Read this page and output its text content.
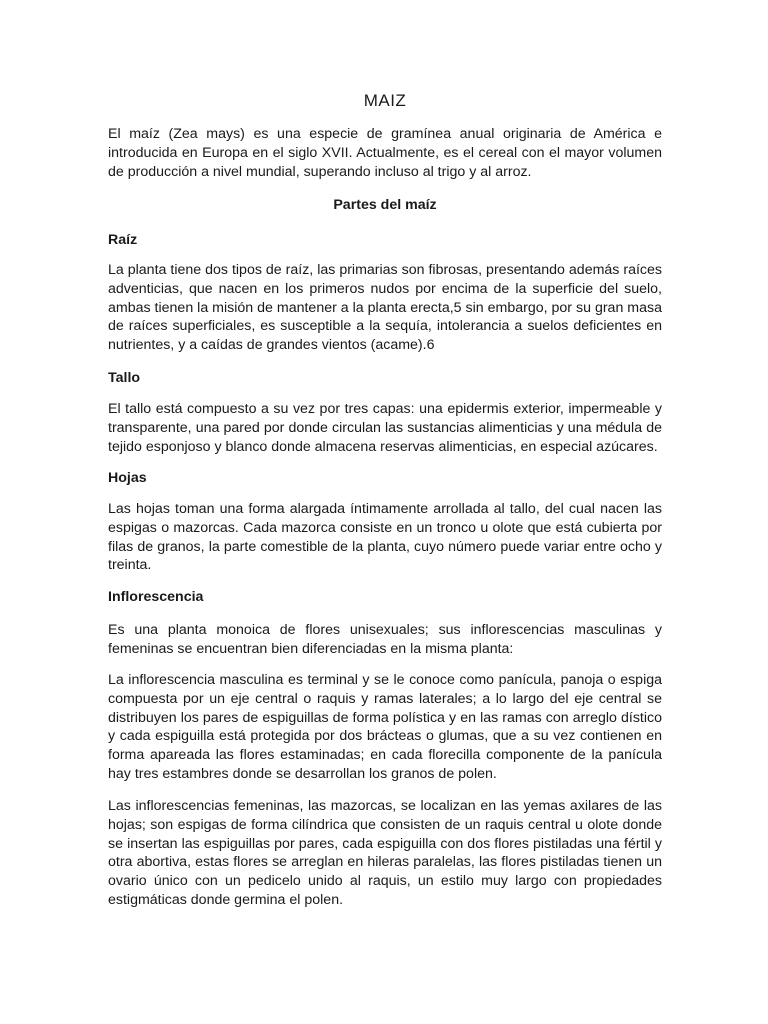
MAIZ

El maíz (Zea mays) es una especie de gramínea anual originaria de América e introducida en Europa en el siglo XVII. Actualmente, es el cereal con el mayor volumen de producción a nivel mundial, superando incluso al trigo y al arroz.

Partes del maíz

Raíz

La planta tiene dos tipos de raíz, las primarias son fibrosas, presentando además raíces adventicias, que nacen en los primeros nudos por encima de la superficie del suelo, ambas tienen la misión de mantener a la planta erecta,5 sin embargo, por su gran masa de raíces superficiales, es susceptible a la sequía, intolerancia a suelos deficientes en nutrientes, y a caídas de grandes vientos (acame).6

Tallo

El tallo está compuesto a su vez por tres capas: una epidermis exterior, impermeable y transparente, una pared por donde circulan las sustancias alimenticias y una médula de tejido esponjoso y blanco donde almacena reservas alimenticias, en especial azúcares.

Hojas

Las hojas toman una forma alargada íntimamente arrollada al tallo, del cual nacen las espigas o mazorcas. Cada mazorca consiste en un tronco u olote que está cubierta por filas de granos, la parte comestible de la planta, cuyo número puede variar entre ocho y treinta.

Inflorescencia

Es una planta monoica de flores unisexuales; sus inflorescencias masculinas y femeninas se encuentran bien diferenciadas en la misma planta:

La inflorescencia masculina es terminal y se le conoce como panícula, panoja o espiga compuesta por un eje central o raquis y ramas laterales; a lo largo del eje central se distribuyen los pares de espiguillas de forma polística y en las ramas con arreglo dístico y cada espiguilla está protegida por dos brácteas o glumas, que a su vez contienen en forma apareada las flores estaminadas; en cada florecilla componente de la panícula hay tres estambres donde se desarrollan los granos de polen.

Las inflorescencias femeninas, las mazorcas, se localizan en las yemas axilares de las hojas; son espigas de forma cilíndrica que consisten de un raquis central u olote donde se insertan las espiguillas por pares, cada espiguilla con dos flores pistiladas una fértil y otra abortiva, estas flores se arreglan en hileras paralelas, las flores pistiladas tienen un ovario único con un pedicelo unido al raquis, un estilo muy largo con propiedades estigmáticas donde germina el polen.
